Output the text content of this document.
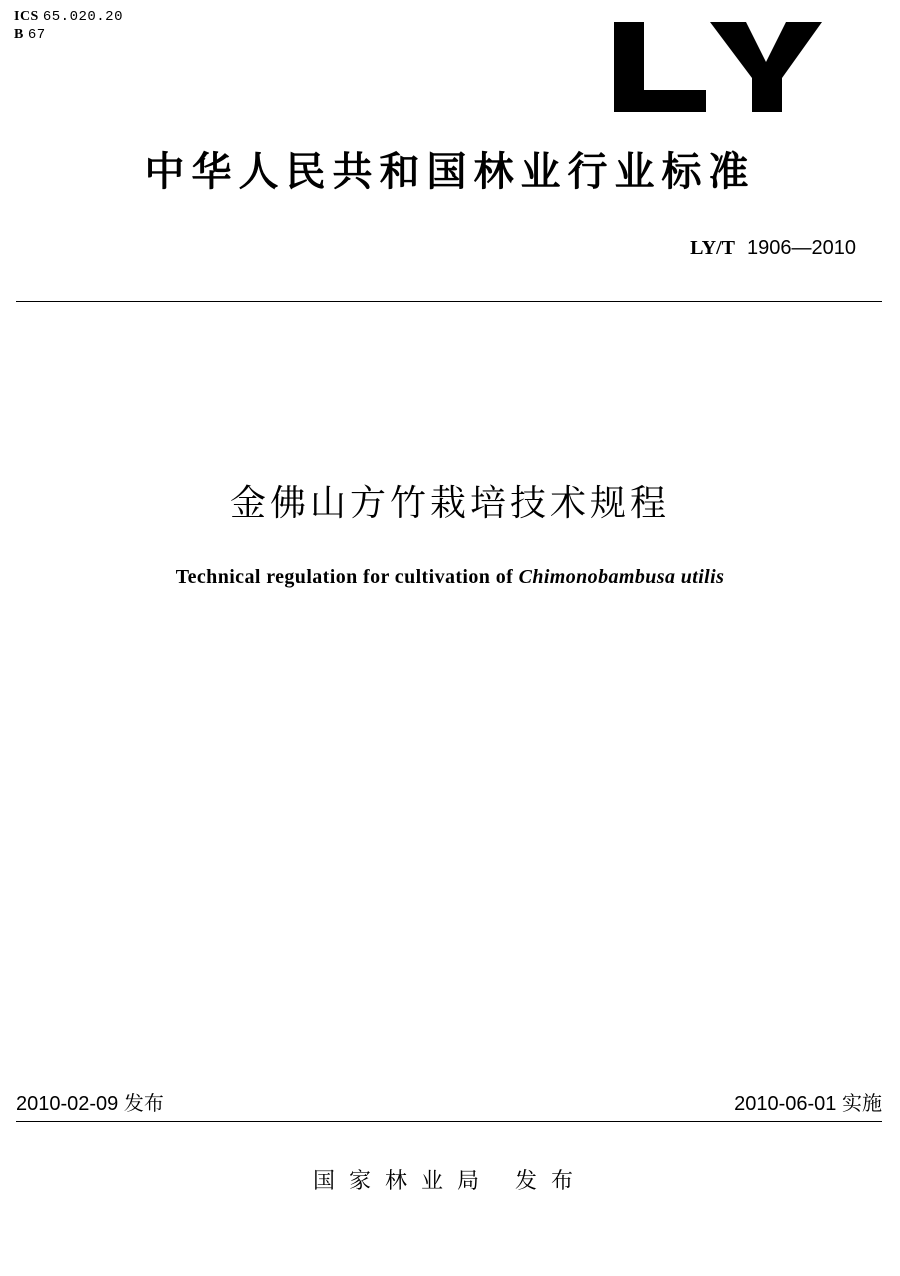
ICS 65.020.20
B 67
中华人民共和国林业行业标准
LY/T 1906—2010
金佛山方竹栽培技术规程
Technical regulation for cultivation of Chimonobambusa utilis
2010-02-09 发布	2010-06-01 实施
国家林业局 发布
